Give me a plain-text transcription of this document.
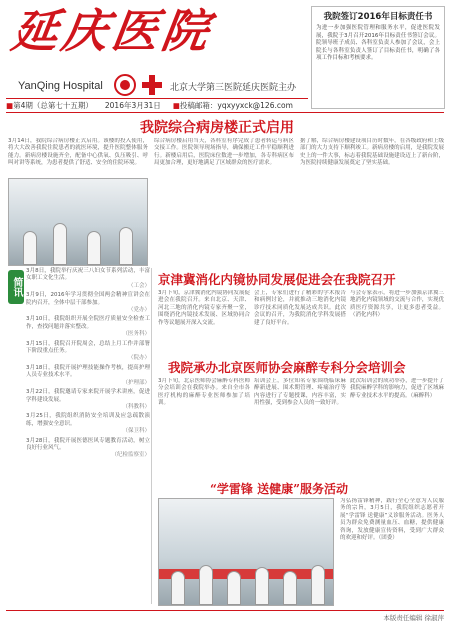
延庆医院
YanQing Hospital	北京大学第三医院延庆医院主办
■第4期（总第七十五期） 2016年3月31日 ■投稿邮箱：yqxyyxck@126.com
我院签订2016年目标责任书

为进一步加强医院管理和服务水平，促进医院发展，我院于3月召开2016年目标责任书签订会议。院领导班子成员、各科室负责人参加了会议，会上院长与各科室负责人签订了目标责任书，明确了各项工作目标和考核要求。

我院综合病房楼正式启用
3月14日，我院综合病房楼正式启用。该楼的投入使用，将大大改善我院住院患者的就医环境，提升医院整体服务能力。新病房楼设施齐全，配备中心供氧、负压吸引、呼叫对讲等系统，为患者提供了舒适、安全的住院环境。
综合病房楼启用当天，各科室有序完成了患者转运与病区交接工作。医院领导现场指导，确保搬迁工作平稳顺利进行。新楼启用后，医院床位数进一步增加，各专科病区布局更加合理，更好地满足了区域群众的医疗需求。
据了解，综合病房楼建设项目历时数年，在各级政府和上级部门的大力支持下顺利竣工。新病房楼的启用，是我院发展史上的一件大事，标志着我院基础设施建设迈上了新台阶，为医院持续健康发展奠定了坚实基础。
简讯
3月8日，我院举行庆祝三八妇女节系列活动，丰富女职工文化生活。
（工会）
3月9日，2016年学习贯彻全国两会精神宣讲会在院内召开，全体中层干部参加。
（党办）
3月10日，我院组织开展全院医疗质量安全检查工作，查找问题并落实整改。
（医务科）
3月15日，我院召开院周会，总结上月工作并部署下阶段重点任务。
（院办）
3月18日，我院开展护理技能操作考核，提高护理人员专业技术水平。
（护理部）
3月22日，我院邀请专家来院开展学术讲座，促进学科建设发展。
（科教科）
3月25日，我院组织消防安全培训及应急疏散演练，增强安全意识。
（保卫科）
3月28日，我院开展医德医风专题教育活动，树立良好行业风气。
（纪检监察室）
京津冀消化内镜协同发展促进会在我院召开
3月下旬，京津冀消化内镜协同发展促进会在我院召开。来自北京、天津、河北三地的消化内镜专家齐聚一堂，围绕消化内镜技术发展、区域协同合作等议题展开深入交流。
会上，专家们进行了精彩的学术报告和病例讨论，并就推动三地消化内镜诊疗技术同质化发展达成共识。此次会议的召开，为我院消化学科发展搭建了良好平台。
与会专家表示，将进一步加强京津冀三地消化内镜领域的交流与合作，实现优质医疗资源共享，让更多患者受益。（消化内科）
我院承办北京医师协会麻醉专科分会培训会
3月下旬，北京医师协会麻醉专科医师分会培训会在我院举办。来自全市各医疗机构的麻醉专业医师参加了培训。
培训会上，多位知名专家围绕临床麻醉新进展、围术期管理、疼痛治疗等内容进行了专题授课，内容丰富，实用性强，受到参会人员的一致好评。
此次培训会的成功举办，进一步提升了我院麻醉学科的影响力，促进了区域麻醉专业技术水平的提高。（麻醉科）
“学雷锋 送健康”服务活动
为弘扬雷锋精神，践行全心全意为人民服务的宗旨，3月5日，我院组织志愿者开展“学雷锋 送健康”义诊服务活动。医务人员为群众免费测量血压、血糖，提供健康咨询，发放健康宣传资料，受到广大群众的欢迎和好评。（团委）
本版责任编辑 徐淑萍
